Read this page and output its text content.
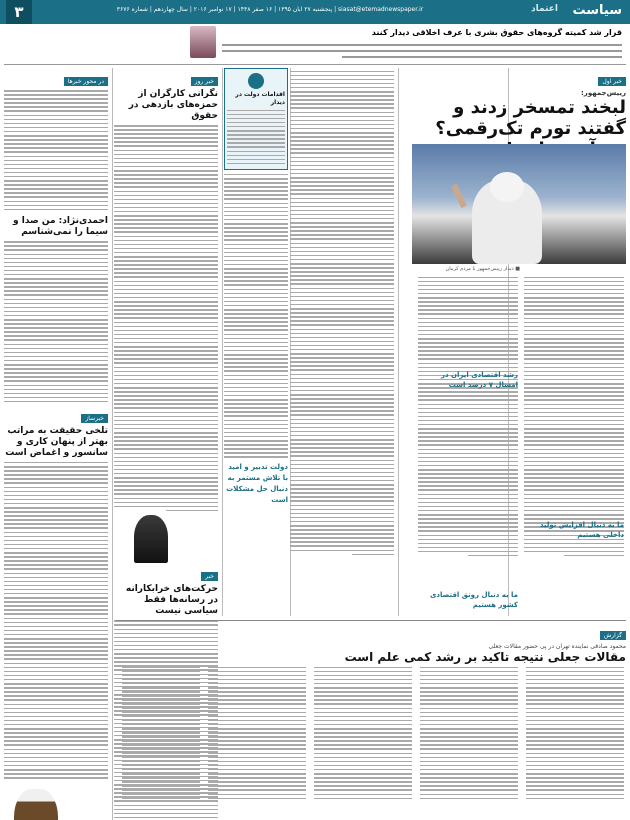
سیاست
اعتماد
siasat@etemadnewspaper.ir | پنجشنبه ۲۷ آبان ۱۳۹۵ | ۱۶ صفر ۱۴۳۸ | ۱۷ نوامبر ۲۰۱۶ | سال چهاردهم | شماره ۳۶۷۶
۳
قرار شد کمیته گروه‌های حقوق بشری با عرف اخلاقی دیدار کنند
خبر اول
رییس‌جمهور:
لبخند تمسخر زدند و گفتند تورم تک‌رقمی؟
■ دیدار رییس‌جمهور با مردم کرمان
ما به دنبال افزایش تولید داخلی هستیم
رشد اقتصادی ایران در امسال ۷ درصد است
ما به دنبال رونق اقتصادی کشور هستیم
اقدامات دولت در دیدار
دولت تدبیر و امید با تلاش مستمر به دنبال حل مشکلات است
خبر روز
نگرانی کارگران از حمزه‌های بازدهی در حقوق
خبر
حرکت‌های خرابکارانه در رسانه‌ها فقط سیاسی نیست
در محور خبرها
احمدی‌نژاد: من صدا و سیما را نمی‌شناسم
خبرساز
تلخی حقیقت به مراتب بهتر از پنهان کاری و سانسور و اغماض است
گزارش
محمود صادقی نماینده تهران در پی حضور مقالات جعلی
مقالات جعلی نتیجه تاکید بر رشد کمی علم است
